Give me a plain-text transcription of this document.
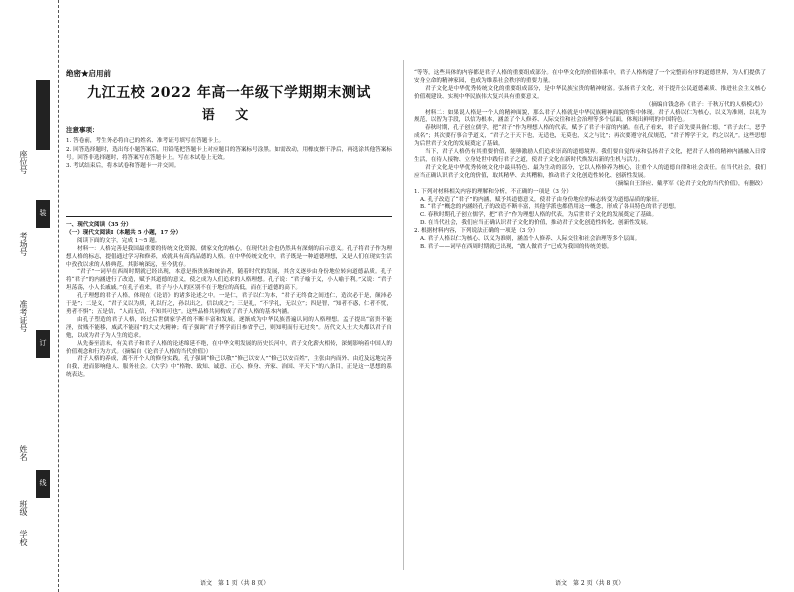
座位号
考场号
准考证号
姓名
班级
学校
装
订
线
绝密★启用前
九江五校 2022 年高一年级下学期期末测试
语 文
注意事项：
1. 答卷前，考生务必将自己的姓名、准考证号填写在答题卡上。
2. 回答选择题时，选出每小题答案后，用铅笔把答题卡上对应题目的答案标号涂黑。如需改动，用橡皮擦干净后，再选涂其他答案标号。回答非选择题时，将答案写在答题卡上。写在本试卷上无效。
3. 考试结束后，将本试卷和答题卡一并交回。

一、现代文阅读（35 分）

（一）现代文阅读Ⅰ（本题共 5 小题，17 分）

阅读下面的文字，完成 1～5 题。

材料一：人格完善是我国最重要的传统文化资源，儒家文化的核心，在现代社会也仍然具有深刻的启示意义。孔子将君子作为理想人格的标志，提倡通过学习和修养，成就具有高尚品德的人格。在中华传统文化中，君子既是一种道德理想，又是人们在现实生活中孜孜以求的人格典范，其影响深远，至今犹存。

“君子”一词早在西周时期就已经出现，本意是指贵族和统治者，随着时代的发展，其含义逐步由身份地位转向道德品质。孔子将“君子”的内涵进行了改造，赋予其道德的意义，使之成为人们追求的人格理想。孔子说：“君子喻于义，小人喻于利。”又说：“君子坦荡荡，小人长戚戚。”在孔子看来，君子与小人的区别不在于地位的高低，而在于道德的高下。

孔子理想的君子人格，体现在《论语》的诸多论述之中。一是仁，君子以仁为本，“君子无终食之间违仁，造次必于是，颠沛必于是”；二是义，“君子义以为质，礼以行之，孙以出之，信以成之”；三是礼，“不学礼，无以立”；四是智，“知者不惑，仁者不忧，勇者不惧”；五是信，“人而无信，不知其可也”。这些品格共同构成了君子人格的基本内涵。

由孔子塑造的君子人格，经过后世儒家学者的不断丰富和发展，逐渐成为中华民族普遍认同的人格理想。孟子提出“富贵不能淫，贫贱不能移，威武不能屈”的大丈夫精神；荀子强调“君子博学而日参省乎己，则知明而行无过矣”。历代文人士大夫都以君子自勉，以成为君子为人生的追求。

从先秦至清末，有关君子和君子人格的论述绵延不绝，在中华文明发展的历史长河中，君子文化薪火相传，深刻影响着中国人的价值观念和行为方式。（摘编自《论君子人格的当代价值》）

君子人格的养成，离不开个人的修身实践。孔子强调“修己以敬”“修己以安人”“修己以安百姓”，主张由内而外、由近及远地完善自我，进而影响他人、服务社会。《大学》中“格物、致知、诚意、正心、修身、齐家、治国、平天下”的八条目，正是这一思想的系统表达。

“等等，这些具体的内容都是君子人格的重要组成部分。在中华文化的价值体系中，君子人格构建了一个完整而有序的道德世界，为人们提供了安身立命的精神家园，也成为维系社会秩序的重要力量。

君子文化是中华优秀传统文化的重要组成部分，是中华民族宝贵的精神财富。弘扬君子文化，对于提升公民道德素质、推进社会主义核心价值观建设、实现中华民族伟大复兴具有重要意义。

（摘编自钱念孙《君子：千秋万代的人格模式》）

材料二：如果说人格是一个人的精神面貌，那么君子人格就是中华民族精神面貌的集中体现。君子人格以仁为核心，以义为准则，以礼为规范，以智为手段，以信为根本，涵盖了个人修养、人际交往和社会治理等多个层面，体现出鲜明的中国特色。

春秋时期，孔子创立儒学，把“君子”作为理想人格的代表，赋予了君子丰富的内涵。在孔子看来，君子首先要具备仁德，“君子去仁，恶乎成名”；其次要行事合乎道义，“君子之于天下也，无适也，无莫也，义之与比”；再次要遵守礼仪规范，“君子博学于文，约之以礼”。这些思想为后世君子文化的发展奠定了基础。

当下，君子人格仍有其重要价值，能够激励人们追求崇高的道德境界。我们要自觉传承和弘扬君子文化，把君子人格的精神内涵融入日常生活，在待人接物、立身处世中践行君子之道，使君子文化在新时代焕发出新的生机与活力。

君子文化是中华优秀传统文化中最具特色、最为生动的部分，它以人格修养为核心，注重个人的道德自律和社会责任。在当代社会，我们应当正确认识君子文化的价值，取其精华、去其糟粕，推动君子文化创造性转化、创新性发展。

（摘编自王泽应、戴孝军《论君子文化的当代价值》，有删改）

1. 下列对材料相关内容的理解和分析，不正确的一项是（3 分）

A. 孔子改造了“君子”的内涵，赋予其道德意义，使君子由身份地位的标志转变为道德品质的象征。

B. “君子”概念的内涵经孔子的改造不断丰富，其他学派也都借用这一概念，形成了各具特色的君子思想。

C. 春秋时期孔子创立儒学，把“君子”作为理想人格的代表，为后世君子文化的发展奠定了基础。

D. 在当代社会，我们应当正确认识君子文化的价值，推动君子文化创造性转化、创新性发展。

2. 根据材料内容，下列说法正确的一项是（3 分）

A. 君子人格以仁为核心、以义为准则，涵盖个人修养、人际交往和社会治理等多个层面。

B. 君子——词早在西周时期就已出现，“做人做君子”已成为我国的传统美德。

语文　第 1 页（共 8 页）	语文　第 2 页（共 8 页）
